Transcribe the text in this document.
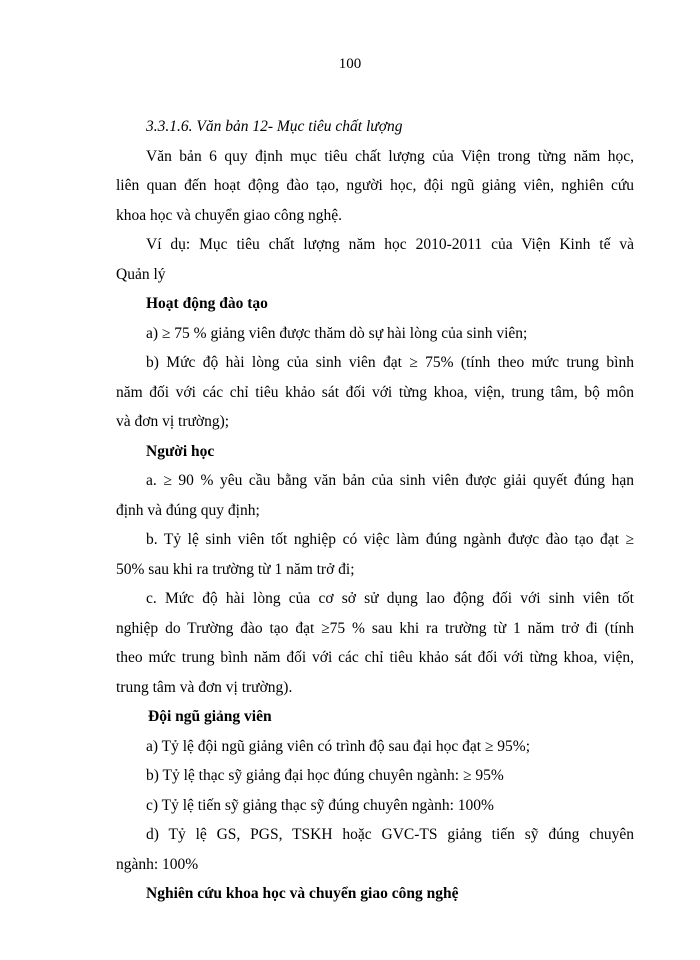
100
3.3.1.6. Văn bản 12- Mục tiêu chất lượng
Văn bản 6 quy định mục tiêu chất lượng của Viện trong từng năm học,
liên quan đến hoạt động đào tạo, người học, đội ngũ giảng viên, nghiên cứu
khoa học và chuyển giao công nghệ.
Ví dụ: Mục tiêu chất lượng năm học 2010-2011 của Viện Kinh tế và
Quản lý
Hoạt động đào tạo
a) ≥ 75 % giảng viên được thăm dò sự hài lòng của sinh viên;
b) Mức độ hài lòng của sinh viên đạt ≥ 75% (tính theo mức trung bình
năm đối với các chỉ tiêu khảo sát đối với từng khoa, viện, trung tâm, bộ môn
và đơn vị trường);
Người học
a. ≥ 90 % yêu cầu bằng văn bản của sinh viên được giải quyết đúng hạn
định và đúng quy định;
b. Tỷ lệ sinh viên tốt nghiệp có việc làm đúng ngành được đào tạo đạt ≥
50% sau khi ra trường từ 1 năm trở đi;
c. Mức độ hài lòng của cơ sở sử dụng lao động đối với sinh viên tốt
nghiệp do Trường đào tạo đạt ≥75 % sau khi ra trường từ 1 năm trở đi (tính
theo mức trung bình năm đối với các chỉ tiêu khảo sát đối với từng khoa, viện,
trung tâm và đơn vị trường).
Đội ngũ giảng viên
a) Tỷ lệ đội ngũ giảng viên có trình độ sau đại học đạt ≥ 95%;
b) Tỷ lệ thạc sỹ giảng đại học đúng chuyên ngành: ≥ 95%
c) Tỷ lệ tiến sỹ giảng thạc sỹ đúng chuyên ngành: 100%
d) Tỷ lệ GS, PGS, TSKH hoặc GVC-TS giảng tiến sỹ đúng chuyên
ngành: 100%
Nghiên cứu khoa học và chuyển giao công nghệ
